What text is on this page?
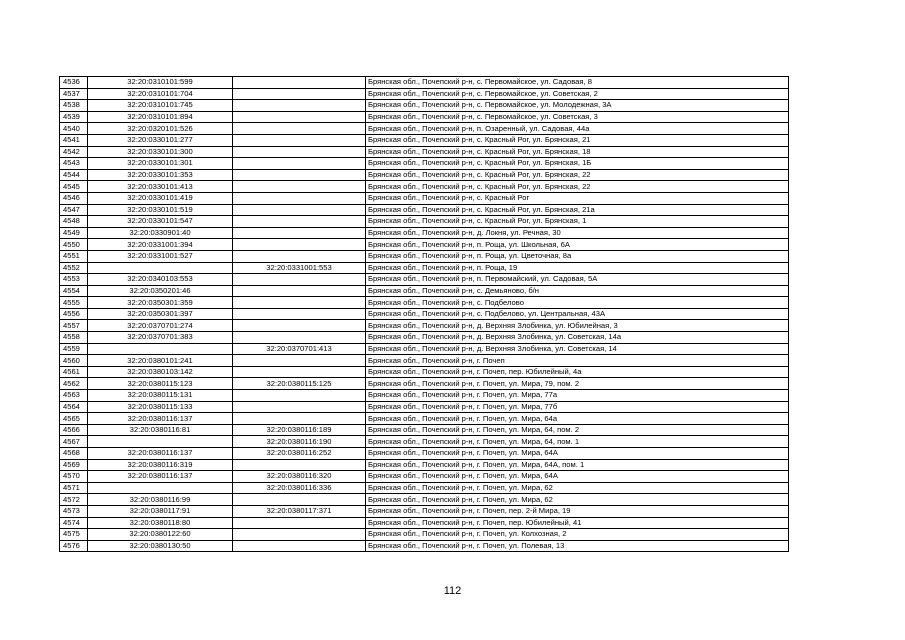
4536	32:20:0310101:599		Брянская обл., Почепский р-н, с. Первомайское, ул. Садовая, 8
4537	32:20:0310101:704		Брянская обл., Почепский р-н, с. Первомайское, ул. Советская, 2
4538	32:20:0310101:745		Брянская обл., Почепский р-н, с. Первомайское, ул. Молодежная, 3А
4539	32:20:0310101:894		Брянская обл., Почепский р-н, с. Первомайское, ул. Советская, 3
4540	32:20:0320101:526		Брянская обл., Почепский р-н, п. Озаренный, ул. Садовая, 44а
4541	32:20:0330101:277		Брянская обл., Почепский р-н, с. Красный Рог, ул. Брянская, 21
4542	32:20:0330101:300		Брянская обл., Почепский р-н, с. Красный Рог, ул. Брянская, 18
4543	32:20:0330101:301		Брянская обл., Почепский р-н, с. Красный Рог, ул. Брянская, 1Б
4544	32:20:0330101:353		Брянская обл., Почепский р-н, с. Красный Рог, ул. Брянская, 22
4545	32:20:0330101:413		Брянская обл., Почепский р-н, с. Красный Рог, ул. Брянская, 22
4546	32:20:0330101:419		Брянская обл., Почепский р-н, с. Красный Рог
4547	32:20:0330101:519		Брянская обл., Почепский р-н, с. Красный Рог, ул. Брянская, 21а
4548	32:20:0330101:547		Брянская обл., Почепский р-н, с. Красный Рог, ул. Брянская, 1
4549	32:20:0330901:40		Брянская обл., Почепский р-н, д. Локня, ул. Речная, 30
4550	32:20:0331001:394		Брянская обл., Почепский р-н, п. Роща, ул. Школьная, 6А
4551	32:20:0331001:527		Брянская обл., Почепский р-н, п. Роща, ул. Цветочная, 8а
4552		32:20:0331001:553	Брянская обл., Почепский р-н, п. Роща, 19
4553	32:20:0340103:553		Брянская обл., Почепский р-н, п. Первомайский, ул. Садовая, 5А
4554	32:20:0350201:46		Брянская обл., Почепский р-н, с. Демьяново, б/н
4555	32:20:0350301:359		Брянская обл., Почепский р-н, с. Подбелово
4556	32:20:0350301:397		Брянская обл., Почепский р-н, с. Подбелово, ул. Центральная, 43А
4557	32:20:0370701:274		Брянская обл., Почепский р-н, д. Верхняя Злобинка, ул. Юбилейная, 3
4558	32:20:0370701:383		Брянская обл., Почепский р-н, д. Верхняя Злобинка, ул. Советская, 14а
4559		32:20:0370701:413	Брянская обл., Почепский р-н, д. Верхняя Злобинка, ул. Советская, 14
4560	32:20:0380101:241		Брянская обл., Почепский р-н, г. Почеп
4561	32:20:0380103:142		Брянская обл., Почепский р-н, г. Почеп, пер. Юбилейный, 4а
4562	32:20:0380115:123	32:20:0380115:125	Брянская обл., Почепский р-н, г. Почеп, ул. Мира, 79, пом. 2
4563	32:20:0380115:131		Брянская обл., Почепский р-н, г. Почеп, ул. Мира, 77а
4564	32:20:0380115:133		Брянская обл., Почепский р-н, г. Почеп, ул. Мира, 77б
4565	32:20:0380116:137		Брянская обл., Почепский р-н, г. Почеп, ул. Мира, 64а
4566	32:20:0380116:81	32:20:0380116:189	Брянская обл., Почепский р-н, г. Почеп, ул. Мира, 64, пом. 2
4567		32:20:0380116:190	Брянская обл., Почепский р-н, г. Почеп, ул. Мира, 64, пом. 1
4568	32:20:0380116:137	32:20:0380116:252	Брянская обл., Почепский р-н, г. Почеп, ул. Мира, 64А
4569	32:20:0380116:319		Брянская обл., Почепский р-н, г. Почеп, ул. Мира, 64А, пом. 1
4570	32:20:0380116:137	32:20:0380116:320	Брянская обл., Почепский р-н, г. Почеп, ул. Мира, 64А
4571		32:20:0380116:336	Брянская обл., Почепский р-н, г. Почеп, ул. Мира, 62
4572	32:20:0380116:99		Брянская обл., Почепский р-н, г. Почеп, ул. Мира, 62
4573	32:20:0380117:91	32:20:0380117:371	Брянская обл., Почепский р-н, г. Почеп, пер. 2-й Мира, 19
4574	32:20:0380118:80		Брянская обл., Почепский р-н, г. Почеп, пер. Юбилейный, 41
4575	32:20:0380122:60		Брянская обл., Почепский р-н, г. Почеп, ул. Колхозная, 2
4576	32:20:0380130:50		Брянская обл., Почепский р-н, г. Почеп, ул. Полевая, 13
112
